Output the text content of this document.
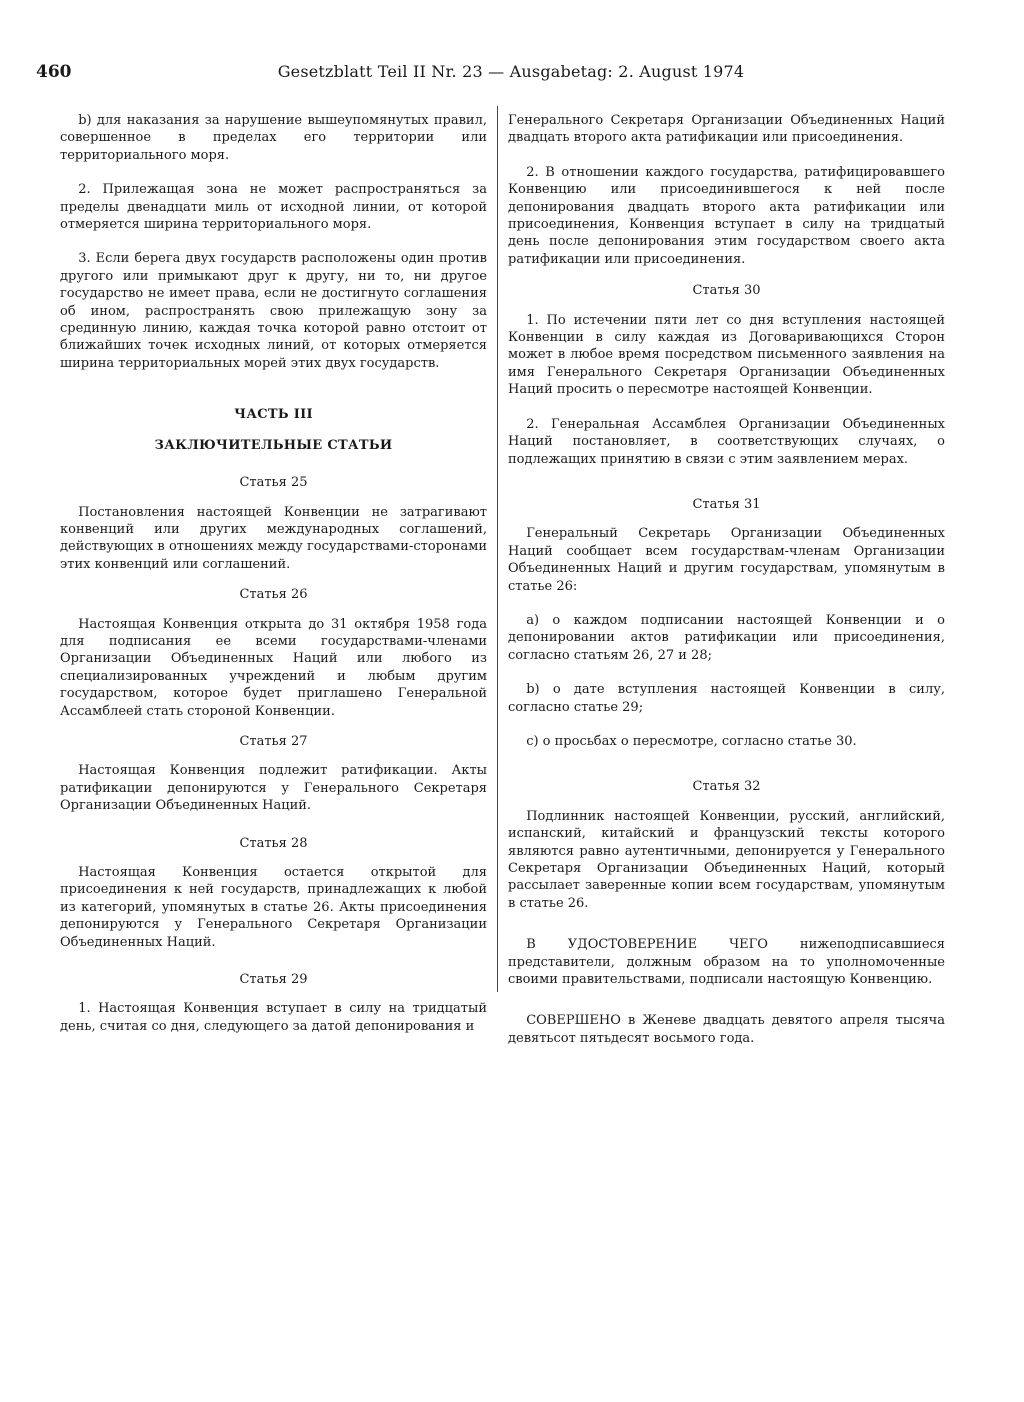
460	Gesetzblatt Teil II Nr. 23 — Ausgabetag: 2. August 1974

b) для наказания за нарушение вышеупомянутых правил, совершенное в пределах его территории или территориального моря.

2. Прилежащая зона не может распространяться за пределы двенадцати миль от исходной линии, от которой отмеряется ширина территориального моря.

3. Если берега двух государств расположены один против другого или примыкают друг к другу, ни то, ни другое государство не имеет права, если не достигнуто соглашения об ином, распространять свою прилежащую зону за срединную линию, каждая точка которой равно отстоит от ближайших точек исходных линий, от которых отмеряется ширина территориальных морей этих двух государств.

ЧАСТЬ III
ЗАКЛЮЧИТЕЛЬНЫЕ СТАТЬИ
Статья 25

Постановления настоящей Конвенции не затрагивают конвенций или других международных соглашений, действующих в отношениях между государствами-сторонами этих конвенций или соглашений.

Статья 26

Настоящая Конвенция открыта до 31 октября 1958 года для подписания ее всеми государствами-членами Организации Объединенных Наций или любого из специализированных учреждений и любым другим государством, которое будет приглашено Генеральной Ассамблеей стать стороной Конвенции.

Статья 27

Настоящая Конвенция подлежит ратификации. Акты ратификации депонируются у Генерального Секретаря Организации Объединенных Наций.

Статья 28

Настоящая Конвенция остается открытой для присоединения к ней государств, принадлежащих к любой из категорий, упомянутых в статье 26. Акты присоединения депонируются у Генерального Секретаря Организации Объединенных Наций.

Статья 29

1. Настоящая Конвенция вступает в силу на тридцатый день, считая со дня, следующего за датой депонирования и

Генерального Секретаря Организации Объединенных Наций двадцать второго акта ратификации или присоединения.

2. В отношении каждого государства, ратифицировавшего Конвенцию или присоединившегося к ней после депонирования двадцать второго акта ратификации или присоединения, Конвенция вступает в силу на тридцатый день после депонирования этим государством своего акта ратификации или присоединения.

Статья 30

1. По истечении пяти лет со дня вступления настоящей Конвенции в силу каждая из Договаривающихся Сторон может в любое время посредством письменного заявления на имя Генерального Секретаря Организации Объединенных Наций просить о пересмотре настоящей Конвенции.

2. Генеральная Ассамблея Организации Объединенных Наций постановляет, в соответствующих случаях, о подлежащих принятию в связи с этим заявлением мерах.

Статья 31

Генеральный Секретарь Организации Объединенных Наций сообщает всем государствам-членам Организации Объединенных Наций и другим государствам, упомянутым в статье 26:

a) о каждом подписании настоящей Конвенции и о депонировании актов ратификации или присоединения, согласно статьям 26, 27 и 28;

b) о дате вступления настоящей Конвенции в силу, согласно статье 29;

c) о просьбах о пересмотре, согласно статье 30.

Статья 32

Подлинник настоящей Конвенции, русский, английский, испанский, китайский и французский тексты которого являются равно аутентичными, депонируется у Генерального Секретаря Организации Объединенных Наций, который рассылает заверенные копии всем государствам, упомянутым в статье 26.

В УДОСТОВЕРЕНИЕ ЧЕГО нижеподписавшиеся представители, должным образом на то уполномоченные своими правительствами, подписали настоящую Конвенцию.

СОВЕРШЕНО в Женеве двадцать девятого апреля тысяча девятьсот пятьдесят восьмого года.
